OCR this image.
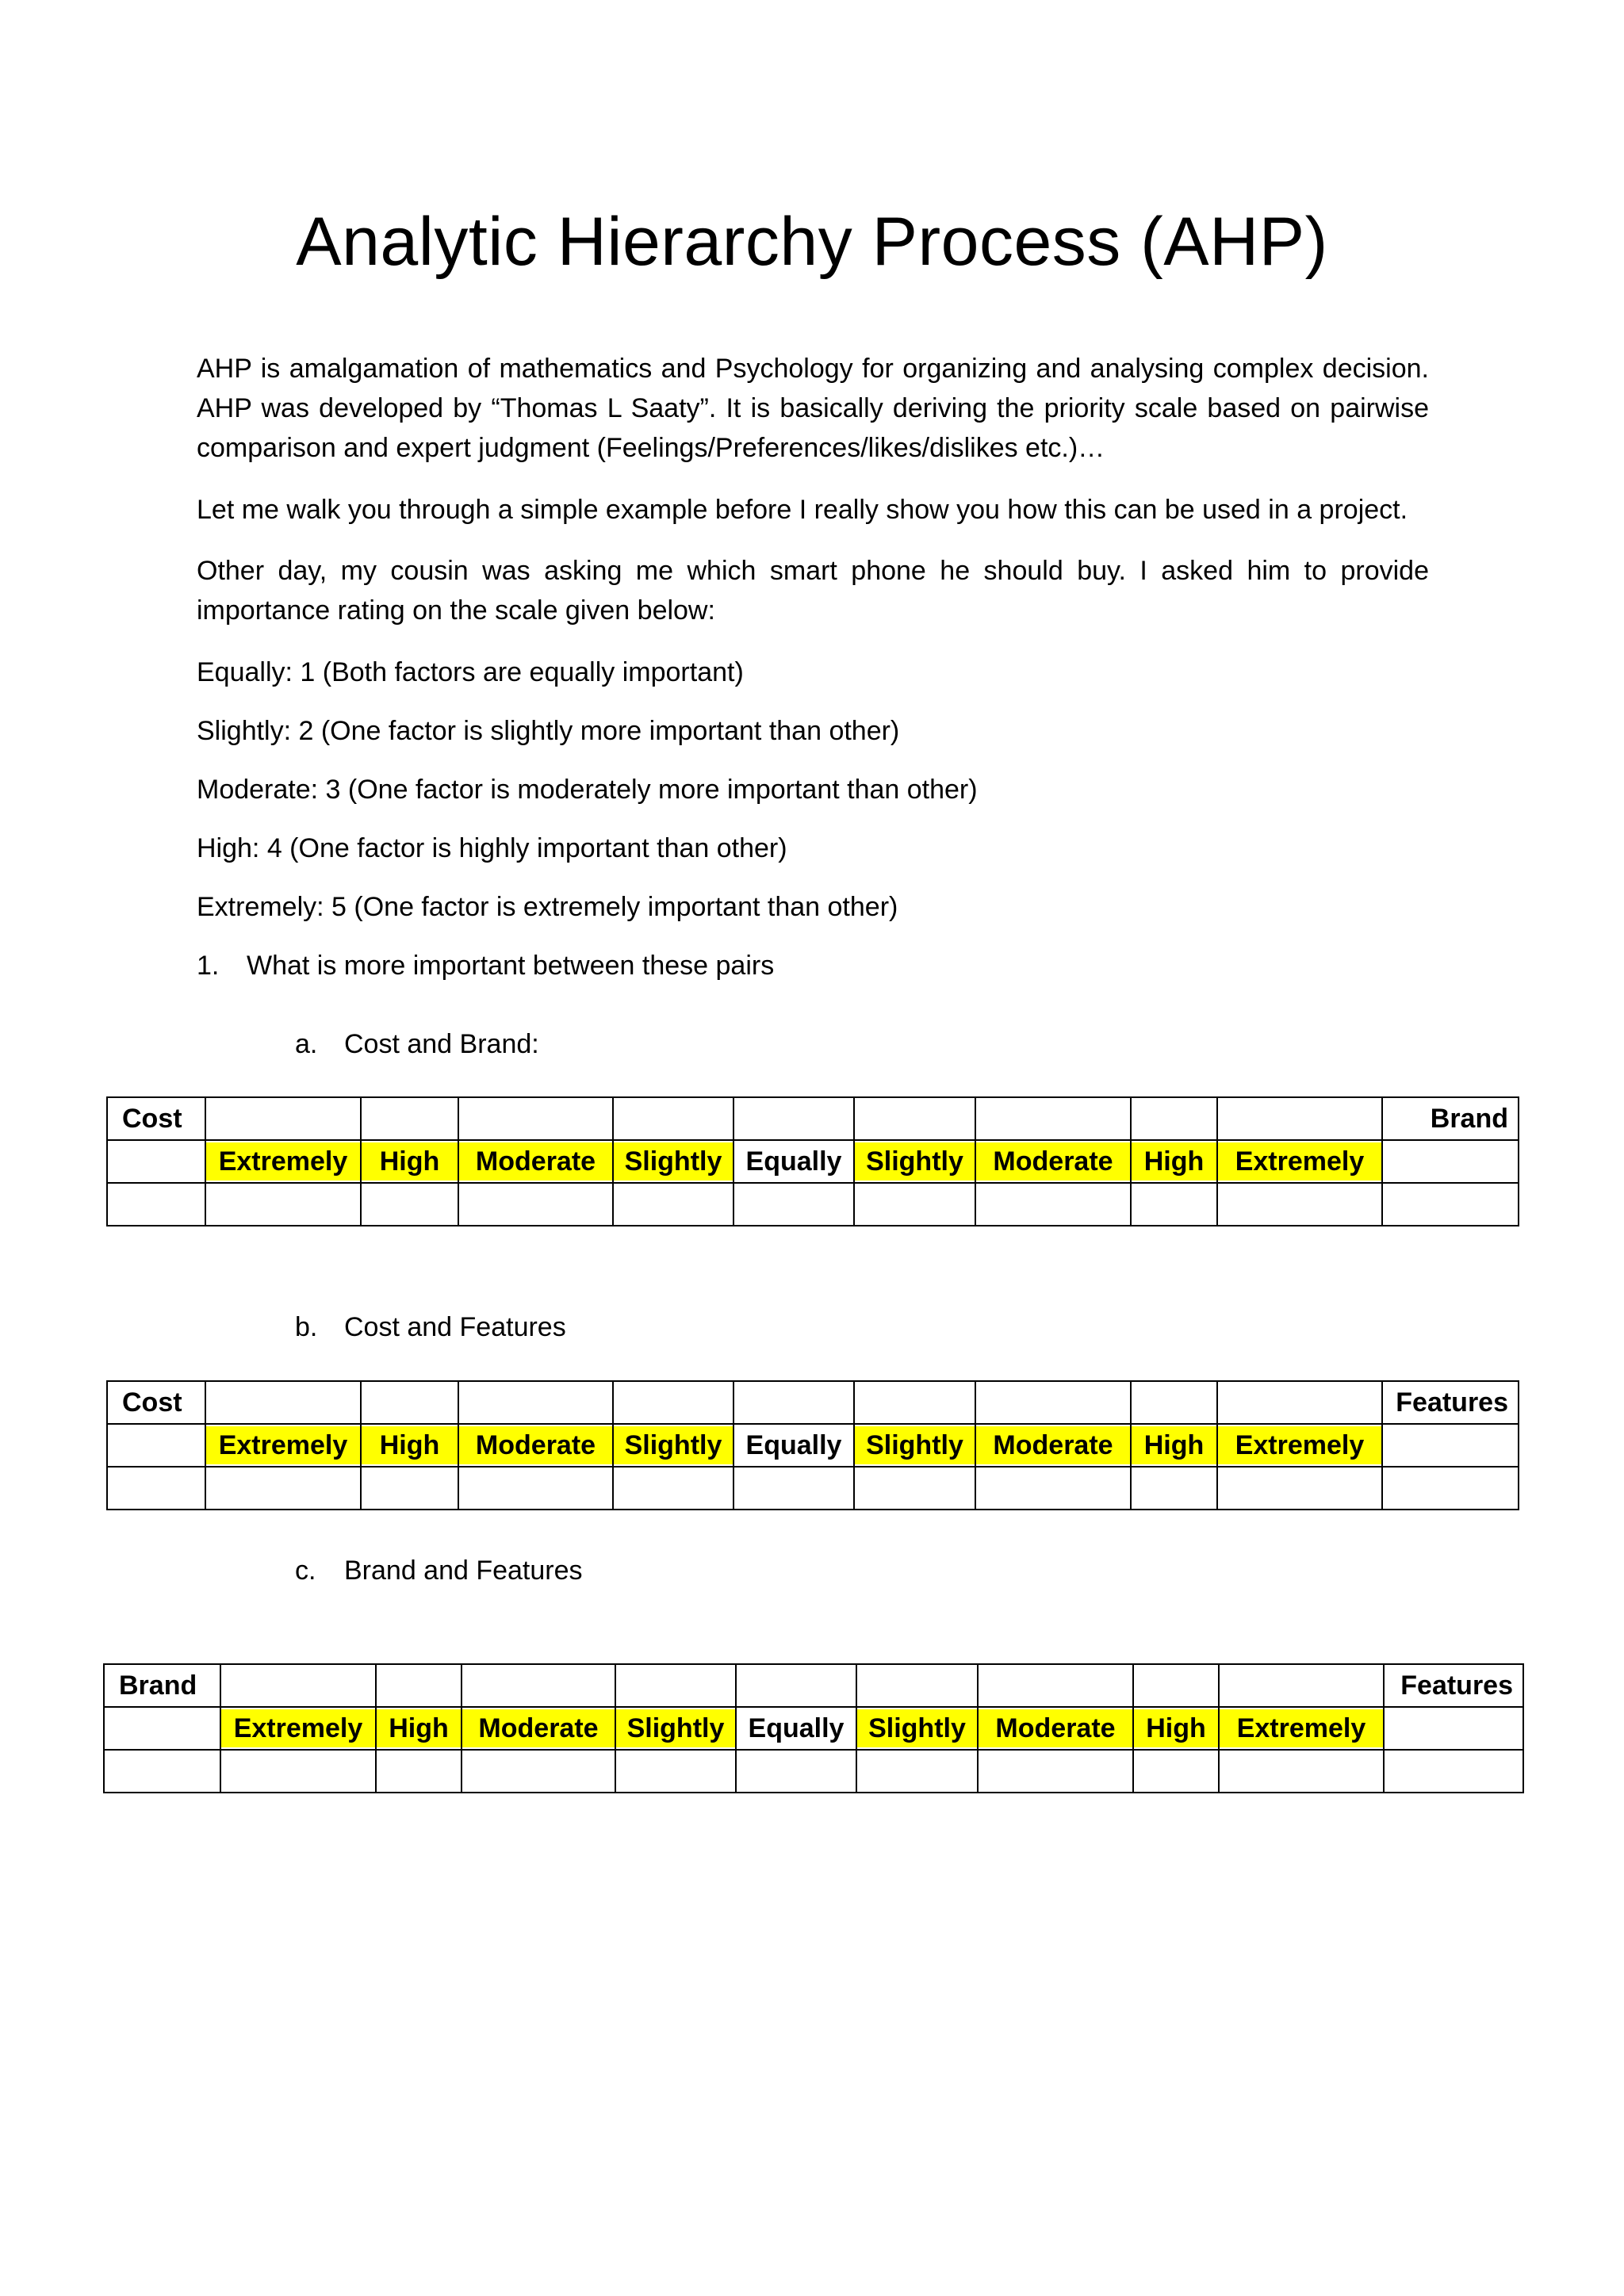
Analytic Hierarchy Process (AHP)

AHP is amalgamation of mathematics and Psychology for organizing and analysing complex decision. AHP was developed by “Thomas L Saaty”. It is basically deriving the priority scale based on pairwise comparison and expert judgment (Feelings/Preferences/likes/dislikes etc.)…

Let me walk you through a simple example before I really show you how this can be used in a project.

Other day, my cousin was asking me which smart phone he should buy. I asked him to provide importance rating on the scale given below:

Equally: 1 (Both factors are equally important)

Slightly: 2 (One factor is slightly more important than other)

Moderate: 3 (One factor is moderately more important than other)

High: 4 (One factor is highly important than other)

Extremely: 5 (One factor is extremely important than other)

1. What is more important between these pairs
a. Cost and Brand:
Cost										Brand

	Extremely	High	Moderate	Slightly	Equally	Slightly	Moderate	High	Extremely	

b. Cost and Features
Cost										Features

	Extremely	High	Moderate	Slightly	Equally	Slightly	Moderate	High	Extremely	

c. Brand and Features
Brand										Features

	Extremely	High	Moderate	Slightly	Equally	Slightly	Moderate	High	Extremely	
